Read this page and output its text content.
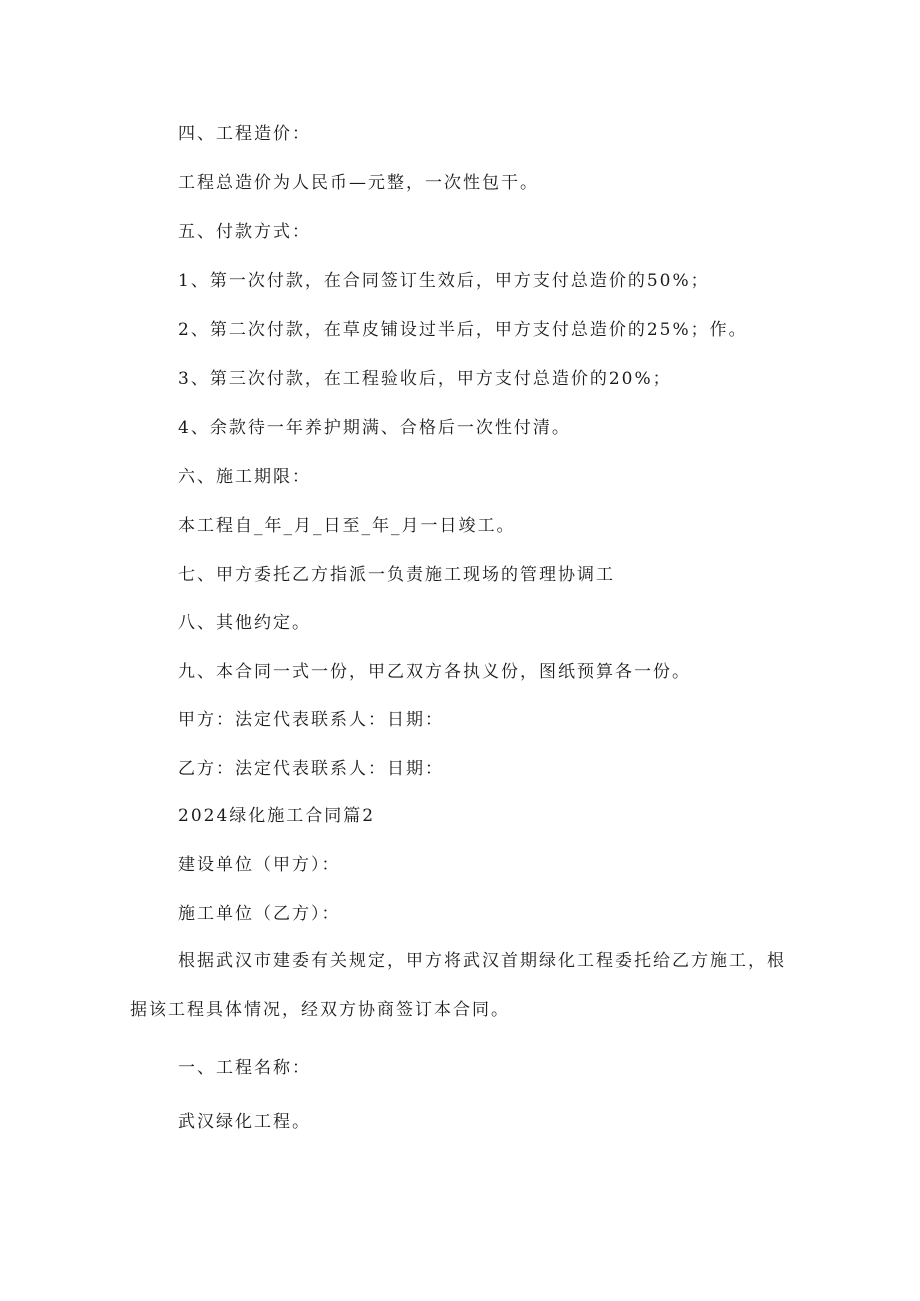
四、工程造价：
工程总造价为人民币—元整，一次性包干。
五、付款方式：
1、第一次付款，在合同签订生效后，甲方支付总造价的50%；
2、第二次付款，在草皮铺设过半后，甲方支付总造价的25%；作。
3、第三次付款，在工程验收后，甲方支付总造价的20%；
4、余款待一年养护期满、合格后一次性付清。
六、施工期限：
本工程自_年_月_日至_年_月一日竣工。
七、甲方委托乙方指派一负责施工现场的管理协调工
八、其他约定。
九、本合同一式一份，甲乙双方各执义份，图纸预算各一份。
甲方：法定代表联系人：日期：
乙方：法定代表联系人：日期：
2024绿化施工合同篇2
建设单位（甲方）：
施工单位（乙方）：
根据武汉市建委有关规定，甲方将武汉首期绿化工程委托给乙方施工，根据该工程具体情况，经双方协商签订本合同。
一、工程名称：
武汉绿化工程。
